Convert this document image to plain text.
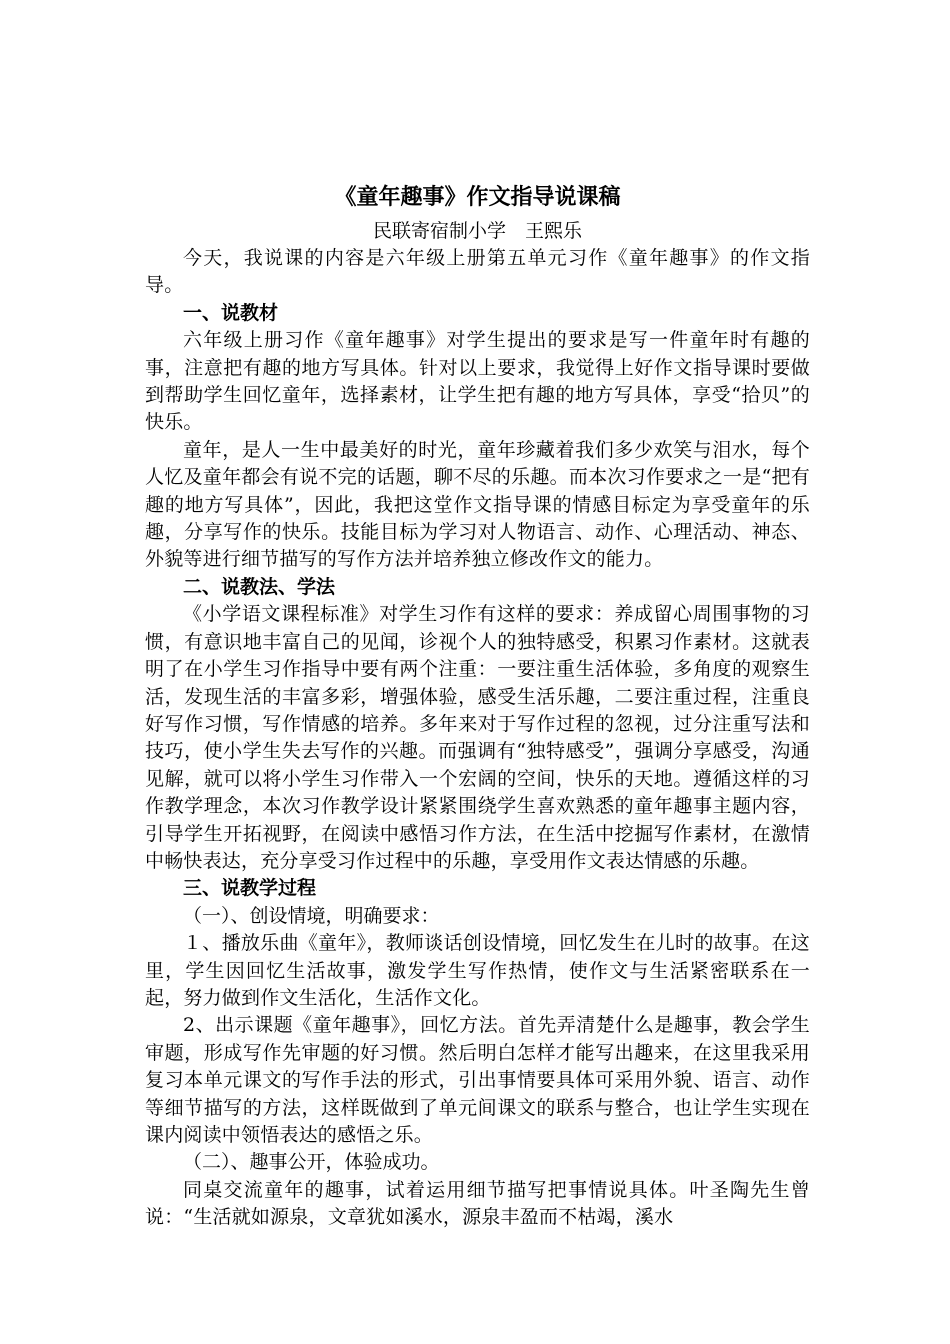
《童年趣事》作文指导说课稿
民联寄宿制小学　王熙乐

今天，我说课的内容是六年级上册第五单元习作《童年趣事》的作文指导。

一、说教材

六年级上册习作《童年趣事》对学生提出的要求是写一件童年时有趣的事，注意把有趣的地方写具体。针对以上要求，我觉得上好作文指导课时要做到帮助学生回忆童年，选择素材，让学生把有趣的地方写具体，享受“拾贝”的快乐。

童年，是人一生中最美好的时光，童年珍藏着我们多少欢笑与泪水，每个人忆及童年都会有说不完的话题，聊不尽的乐趣。而本次习作要求之一是“把有趣的地方写具体”，因此，我把这堂作文指导课的情感目标定为享受童年的乐趣，分享写作的快乐。技能目标为学习对人物语言、动作、心理活动、神态、外貌等进行细节描写的写作方法并培养独立修改作文的能力。

二、说教法、学法

《小学语文课程标准》对学生习作有这样的要求：养成留心周围事物的习惯，有意识地丰富自己的见闻，诊视个人的独特感受，积累习作素材。这就表明了在小学生习作指导中要有两个注重：一要注重生活体验，多角度的观察生活，发现生活的丰富多彩，增强体验，感受生活乐趣，二要注重过程，注重良好写作习惯，写作情感的培养。多年来对于写作过程的忽视，过分注重写法和技巧，使小学生失去写作的兴趣。而强调有“独特感受”，强调分享感受，沟通见解，就可以将小学生习作带入一个宏阔的空间，快乐的天地。遵循这样的习作教学理念，本次习作教学设计紧紧围绕学生喜欢熟悉的童年趣事主题内容，引导学生开拓视野，在阅读中感悟习作方法，在生活中挖掘写作素材，在激情中畅快表达，充分享受习作过程中的乐趣，享受用作文表达情感的乐趣。

三、说教学过程

（一）、创设情境，明确要求：

１、播放乐曲《童年》，教师谈话创设情境，回忆发生在儿时的故事。在这里，学生因回忆生活故事，激发学生写作热情，使作文与生活紧密联系在一起，努力做到作文生活化，生活作文化。

2、出示课题《童年趣事》，回忆方法。首先弄清楚什么是趣事，教会学生审题，形成写作先审题的好习惯。然后明白怎样才能写出趣来，在这里我采用复习本单元课文的写作手法的形式，引出事情要具体可采用外貌、语言、动作等细节描写的方法，这样既做到了单元间课文的联系与整合，也让学生实现在课内阅读中领悟表达的感悟之乐。

（二）、趣事公开，体验成功。

同桌交流童年的趣事，试着运用细节描写把事情说具体。叶圣陶先生曾说：“生活就如源泉，文章犹如溪水，源泉丰盈而不枯竭，溪水
